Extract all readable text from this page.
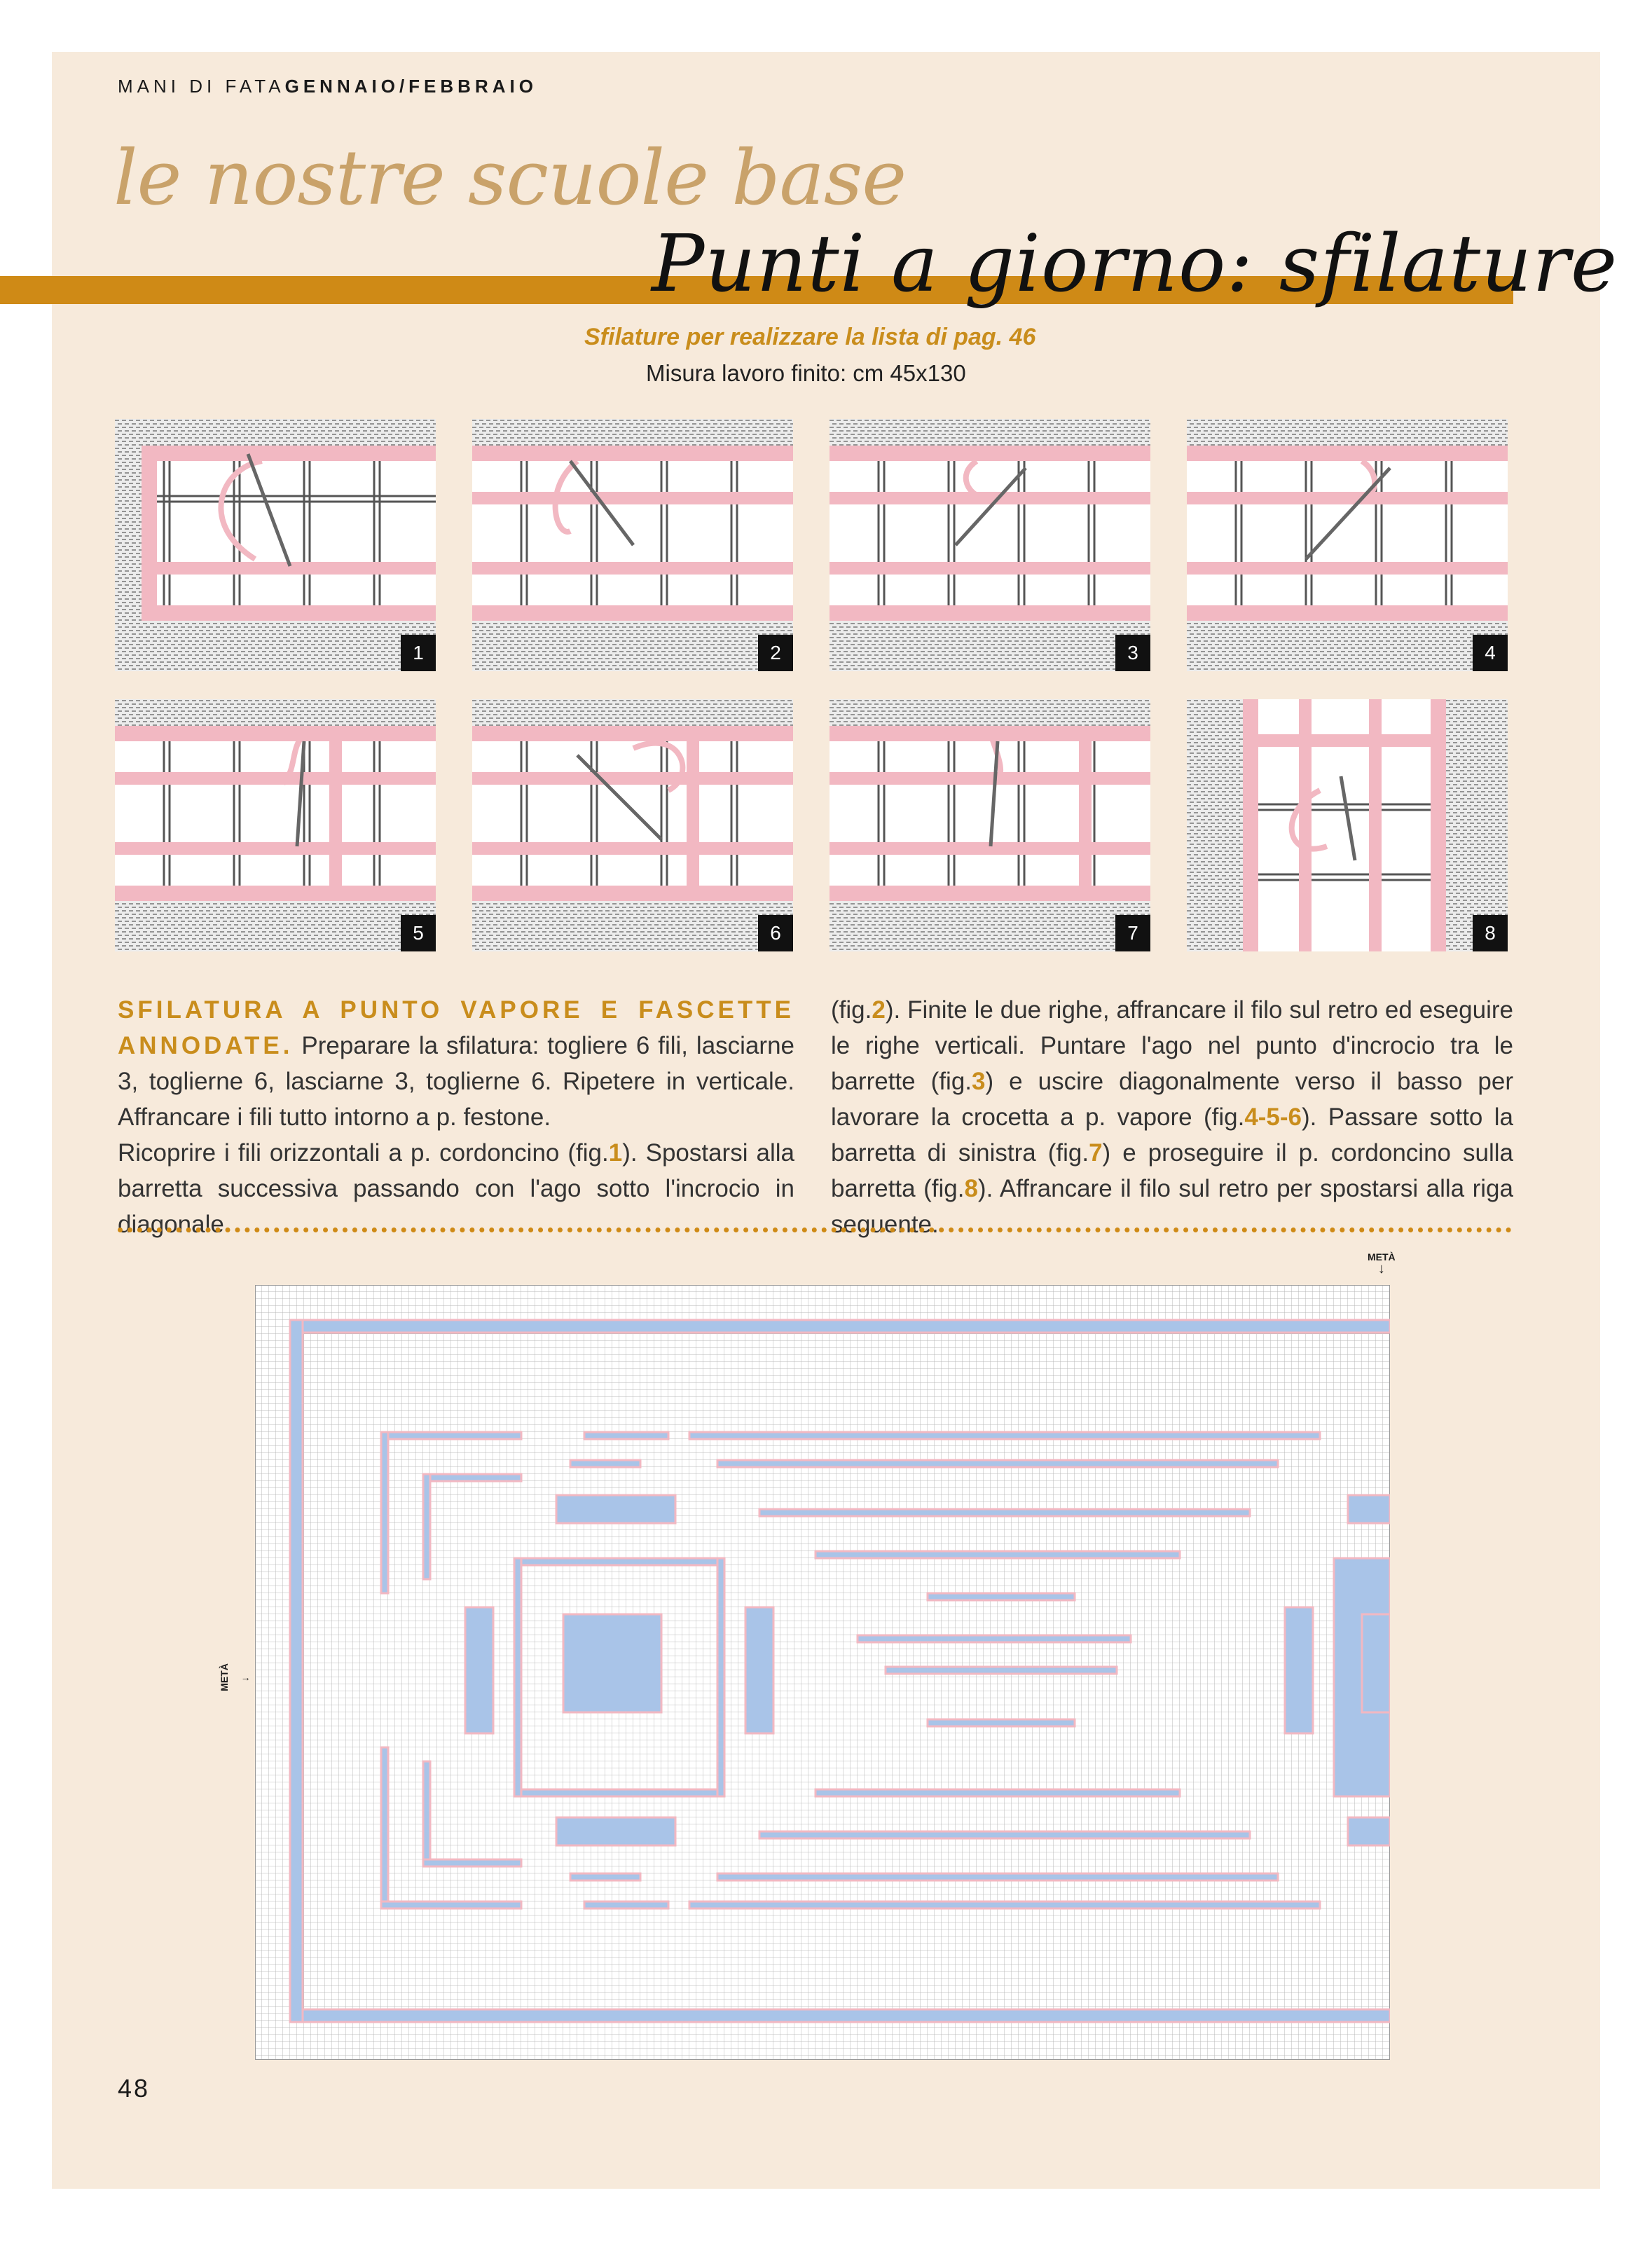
MANI DI FATAGENNAIO/FEBBRAIO
le nostre scuole base
Punti a giorno: sfilature
Sfilature per realizzare la lista di pag. 46
Misura lavoro finito: cm 45x130
1	2	3	4
5	6	7	8
SFILATURA A PUNTO VAPORE E FASCETTE ANNODATE. Preparare la sfilatura: togliere 6 fili, lasciarne 3, toglierne 6, lasciarne 3, toglierne 6. Ripetere in verticale. Affrancare i fili tutto intorno a p. festone.
Ricoprire i fili orizzontali a p. cordoncino (fig.1). Spostarsi alla barretta successiva passando con l'ago sotto l'incrocio in diagonale
(fig.2). Finite le due righe, affrancare il filo sul retro ed eseguire le righe verticali. Puntare l'ago nel punto d'incrocio tra le barrette (fig.3) e uscire diagonalmente verso il basso per lavorare la crocetta a p. vapore (fig.4-5-6). Passare sotto la barretta di sinistra (fig.7) e proseguire il p. cordoncino sulla barretta (fig.8). Affrancare il filo sul retro per spostarsi alla riga seguente.
METÀ
↓
METÀ →
48
